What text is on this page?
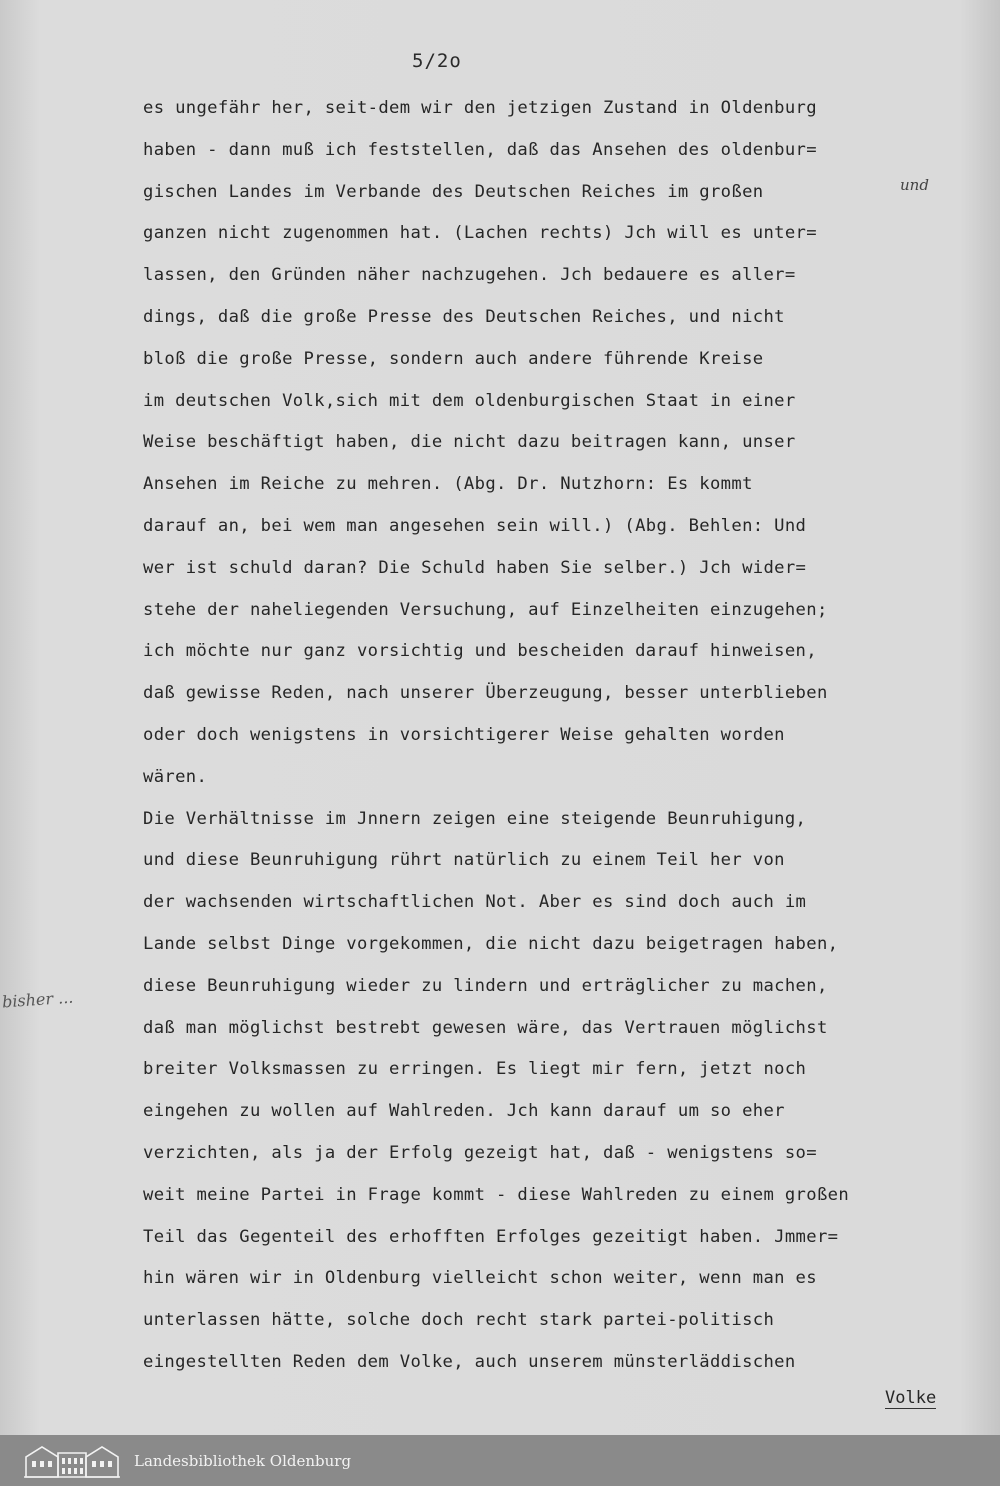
5/2o
und
bisher ...
es ungefähr her, seit-dem wir den jetzigen Zustand in Oldenburg
haben - dann muß ich feststellen, daß das Ansehen des oldenbur=
gischen Landes im Verbande des Deutschen Reiches im großen
ganzen nicht zugenommen hat. (Lachen rechts) Jch will es unter=
lassen, den Gründen näher nachzugehen. Jch bedauere es aller=
dings, daß die große Presse des Deutschen Reiches, und nicht
bloß die große Presse, sondern auch andere führende Kreise
im deutschen Volk,sich mit dem oldenburgischen Staat in einer
Weise beschäftigt haben, die nicht dazu beitragen kann, unser
Ansehen im Reiche zu mehren. (Abg. Dr. Nutzhorn: Es kommt
darauf an, bei wem man angesehen sein will.) (Abg. Behlen: Und
wer ist schuld daran? Die Schuld haben Sie selber.) Jch wider=
stehe der naheliegenden Versuchung, auf Einzelheiten einzugehen;
ich möchte nur ganz vorsichtig und bescheiden darauf hinweisen,
daß gewisse Reden, nach unserer Überzeugung, besser unterblieben
oder doch wenigstens in vorsichtigerer Weise gehalten worden
wären.
Die Verhältnisse im Jnnern zeigen eine steigende Beunruhigung,
und diese Beunruhigung rührt natürlich zu einem Teil her von
der wachsenden wirtschaftlichen Not. Aber es sind doch auch im
Lande selbst Dinge vorgekommen, die nicht dazu beigetragen haben,
diese Beunruhigung wieder zu lindern und erträglicher zu machen,
daß man möglichst bestrebt gewesen wäre, das Vertrauen möglichst
breiter Volksmassen zu erringen. Es liegt mir fern, jetzt noch
eingehen zu wollen auf Wahlreden. Jch kann darauf um so eher
verzichten, als ja der Erfolg gezeigt hat, daß - wenigstens so=
weit meine Partei in Frage kommt - diese Wahlreden zu einem großen
Teil das Gegenteil des erhofften Erfolges gezeitigt haben. Jmmer=
hin wären wir in Oldenburg vielleicht schon weiter, wenn man es
unterlassen hätte, solche doch recht stark partei-politisch
eingestellten Reden dem Volke, auch unserem münsterläddischen
Volke
Landesbibliothek Oldenburg
